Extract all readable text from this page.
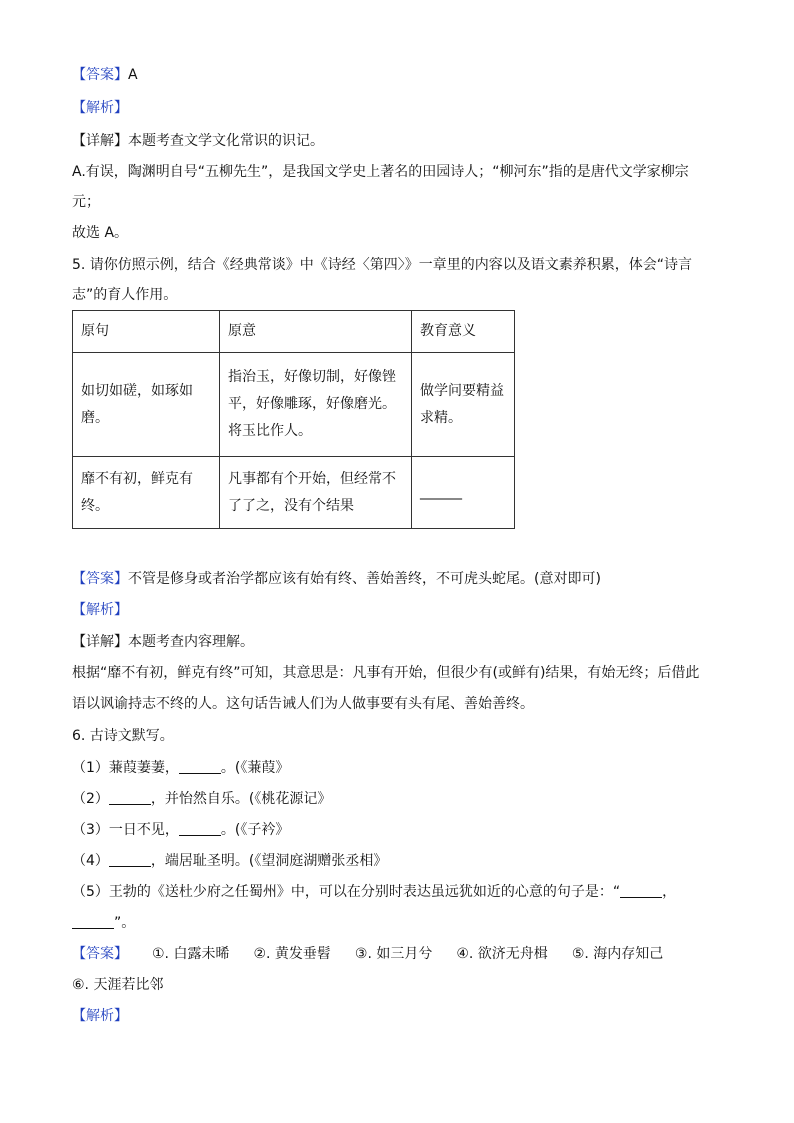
【答案】A
【解析】
【详解】本题考查文学文化常识的识记。
A.有误，陶渊明自号“五柳先生”，是我国文学史上著名的田园诗人；“柳河东”指的是唐代文学家柳宗
元；
故选 A。
5. 请你仿照示例，结合《经典常谈》中《诗经〈第四〉》一章里的内容以及语文素养积累，体会“诗言
志”的育人作用。
原句	原意	教育意义
如切如磋，如琢如
磨。	指治玉，好像切制，好像锉
平，好像雕琢，好像磨光。
将玉比作人。	做学问要精益
求精。
靡不有初，鲜克有
终。	凡事都有个开始，但经常不
了了之，没有个结果	______
【答案】不管是修身或者治学都应该有始有终、善始善终，不可虎头蛇尾。(意对即可)
【解析】
【详解】本题考查内容理解。
根据“靡不有初，鲜克有终”可知，其意思是：凡事有开始，但很少有(或鲜有)结果，有始无终；后借此
语以讽谕持志不终的人。这句话告诫人们为人做事要有头有尾、善始善终。
6. 古诗文默写。
（1）蒹葭萋萋，	。(《蒹葭》
（2）	，并怡然自乐。(《桃花源记》
（3）一日不见，	。(《子衿》
（4）	，端居耻圣明。(《望洞庭湖赠张丞相》
（5）王勃的《送杜少府之任蜀州》中，可以在分别时表达虽远犹如近的心意的句子是：“	，
”。
【答案】 ①. 白露未晞 ②. 黄发垂髫 ③. 如三月兮 ④. 欲济无舟楫 ⑤. 海内存知己
⑥. 天涯若比邻
【解析】
